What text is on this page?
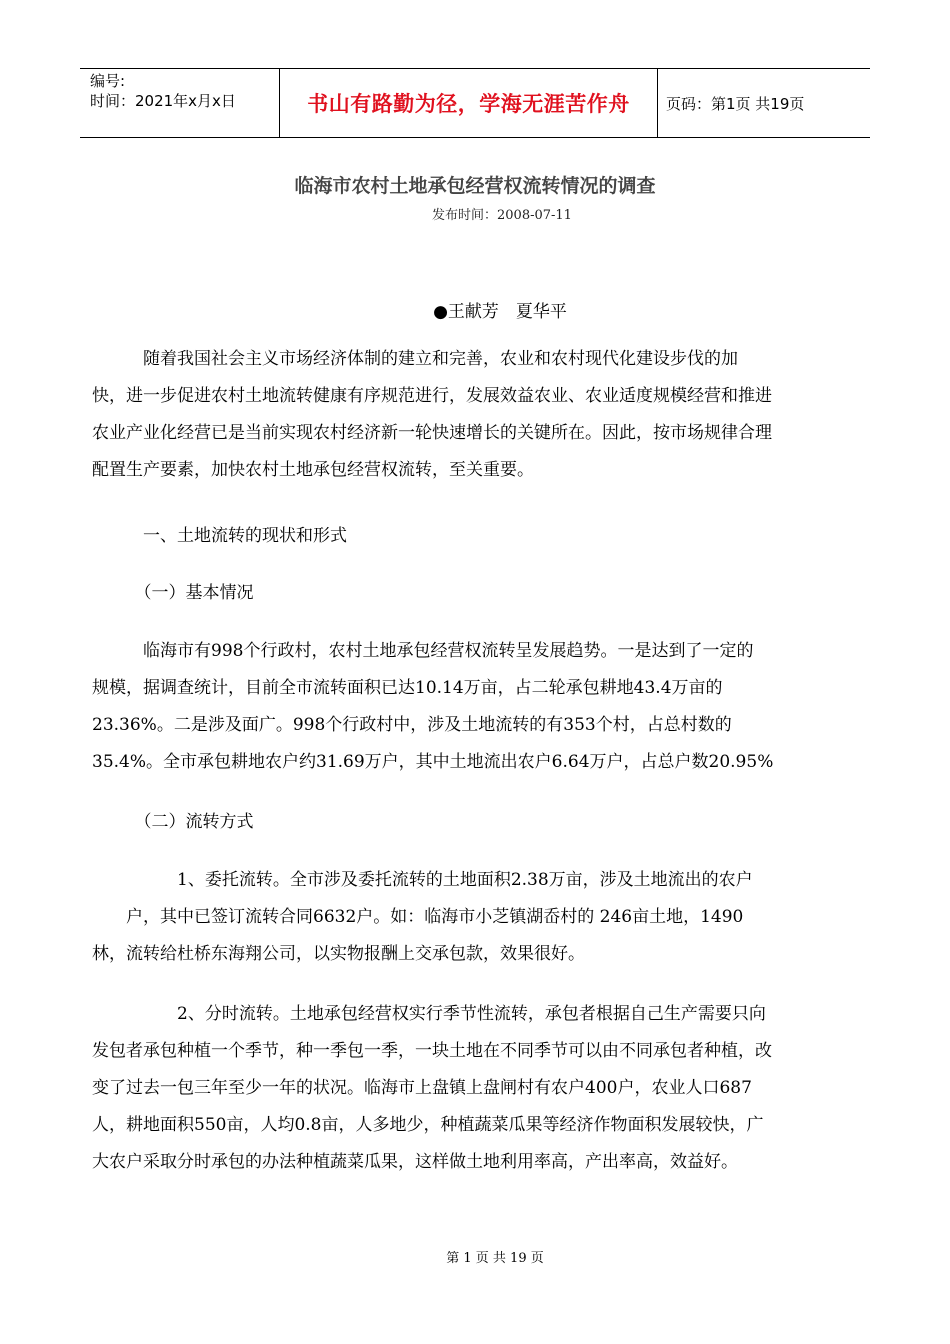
编号:
时间：2021年x月x日	书山有路勤为径，学海无涯苦作舟	页码：第1页 共19页
临海市农村土地承包经营权流转情况的调查
发布时间：2008-07-11
●王献芳　夏华平

　　　随着我国社会主义市场经济体制的建立和完善，农业和农村现代化建设步伐的加
快，进一步促进农村土地流转健康有序规范进行，发展效益农业、农业适度规模经营和推进
农业产业化经营已是当前实现农村经济新一轮快速增长的关键所在。因此，按市场规律合理
配置生产要素，加快农村土地承包经营权流转，至关重要。

　　　一、土地流转的现状和形式

　　　（一）基本情况

　　　临海市有998个行政村，农村土地承包经营权流转呈发展趋势。一是达到了一定的
规模，据调查统计，目前全市流转面积已达10.14万亩，占二轮承包耕地43.4万亩的
23.36%。二是涉及面广。998个行政村中，涉及土地流转的有353个村，占总村数的
35.4%。全市承包耕地农户约31.69万户，其中土地流出农户6.64万户，占总户数20.95%

　　　（二）流转方式

　　　　　1、委托流转。全市涉及委托流转的土地面积2.38万亩，涉及土地流出的农户
　　户，其中已签订流转合同6632户。如：临海市小芝镇湖岙村的 246亩土地，1490
林，流转给杜桥东海翔公司，以实物报酬上交承包款，效果很好。

　　　　　2、分时流转。土地承包经营权实行季节性流转，承包者根据自己生产需要只向
发包者承包种植一个季节，种一季包一季，一块土地在不同季节可以由不同承包者种植，改
变了过去一包三年至少一年的状况。临海市上盘镇上盘闸村有农户400户，农业人口687
人，耕地面积550亩，人均0.8亩，人多地少，种植蔬菜瓜果等经济作物面积发展较快，广
大农户采取分时承包的办法种植蔬菜瓜果，这样做土地利用率高，产出率高，效益好。

第 1 页 共 19 页
